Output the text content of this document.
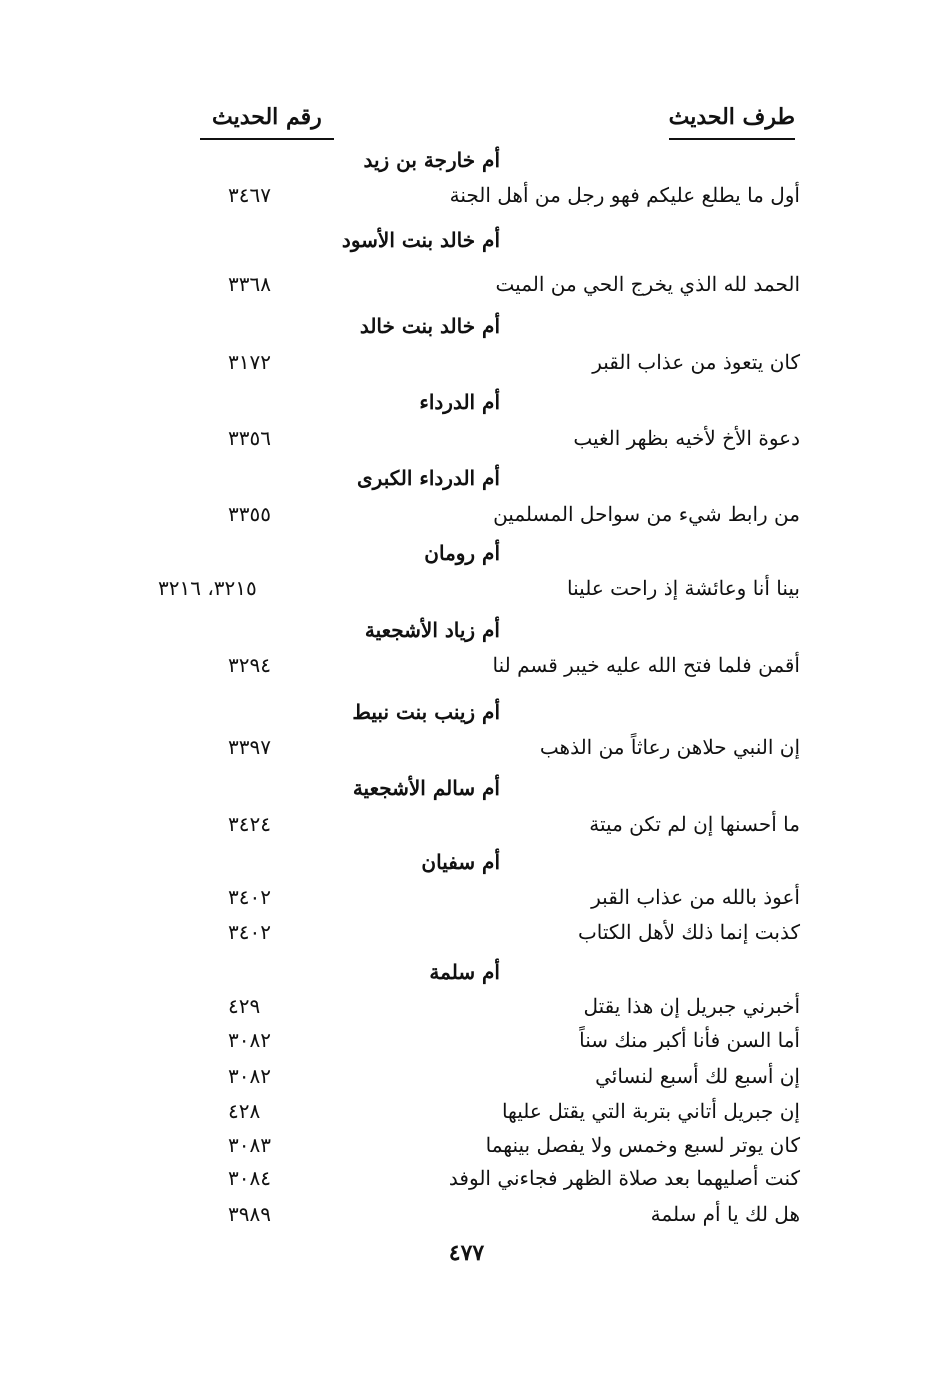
طرف الحديث
رقم الحديث
أم خارجة بن زيد
أول ما يطلع عليكم فهو رجل من أهل الجنة
٣٤٦٧
أم خالد بنت الأسود
الحمد لله الذي يخرج الحي من الميت
٣٣٦٨
أم خالد بنت خالد
كان يتعوذ من عذاب القبر
٣١٧٢
أم الدرداء
دعوة الأخ لأخيه بظهر الغيب
٣٣٥٦
أم الدرداء الكبرى
من رابط شيء من سواحل المسلمين
٣٣٥٥
أم رومان
بينا أنا وعائشة إذ راحت علينا
٣٢١٥، ٣٢١٦
أم زياد الأشجعية
أقمن فلما فتح الله عليه خيبر قسم لنا
٣٢٩٤
أم زينب بنت نبيط
إن النبي حلاهن رعاثاً من الذهب
٣٣٩٧
أم سالم الأشجعية
ما أحسنها إن لم تكن ميتة
٣٤٢٤
أم سفيان
أعوذ بالله من عذاب القبر
٣٤٠٢
كذبت إنما ذلك لأهل الكتاب
٣٤٠٢
أم سلمة
أخبرني جبريل إن هذا يقتل
٤٢٩
أما السن فأنا أكبر منك سناً
٣٠٨٢
إن أسبع لك أسبع لنسائي
٣٠٨٢
إن جبريل أتاني بتربة التي يقتل عليها
٤٢٨
كان يوتر لسبع وخمس ولا يفصل بينهما
٣٠٨٣
كنت أصليهما بعد صلاة الظهر فجاءني الوفد
٣٠٨٤
هل لك يا أم سلمة
٣٩٨٩
٤٧٧
